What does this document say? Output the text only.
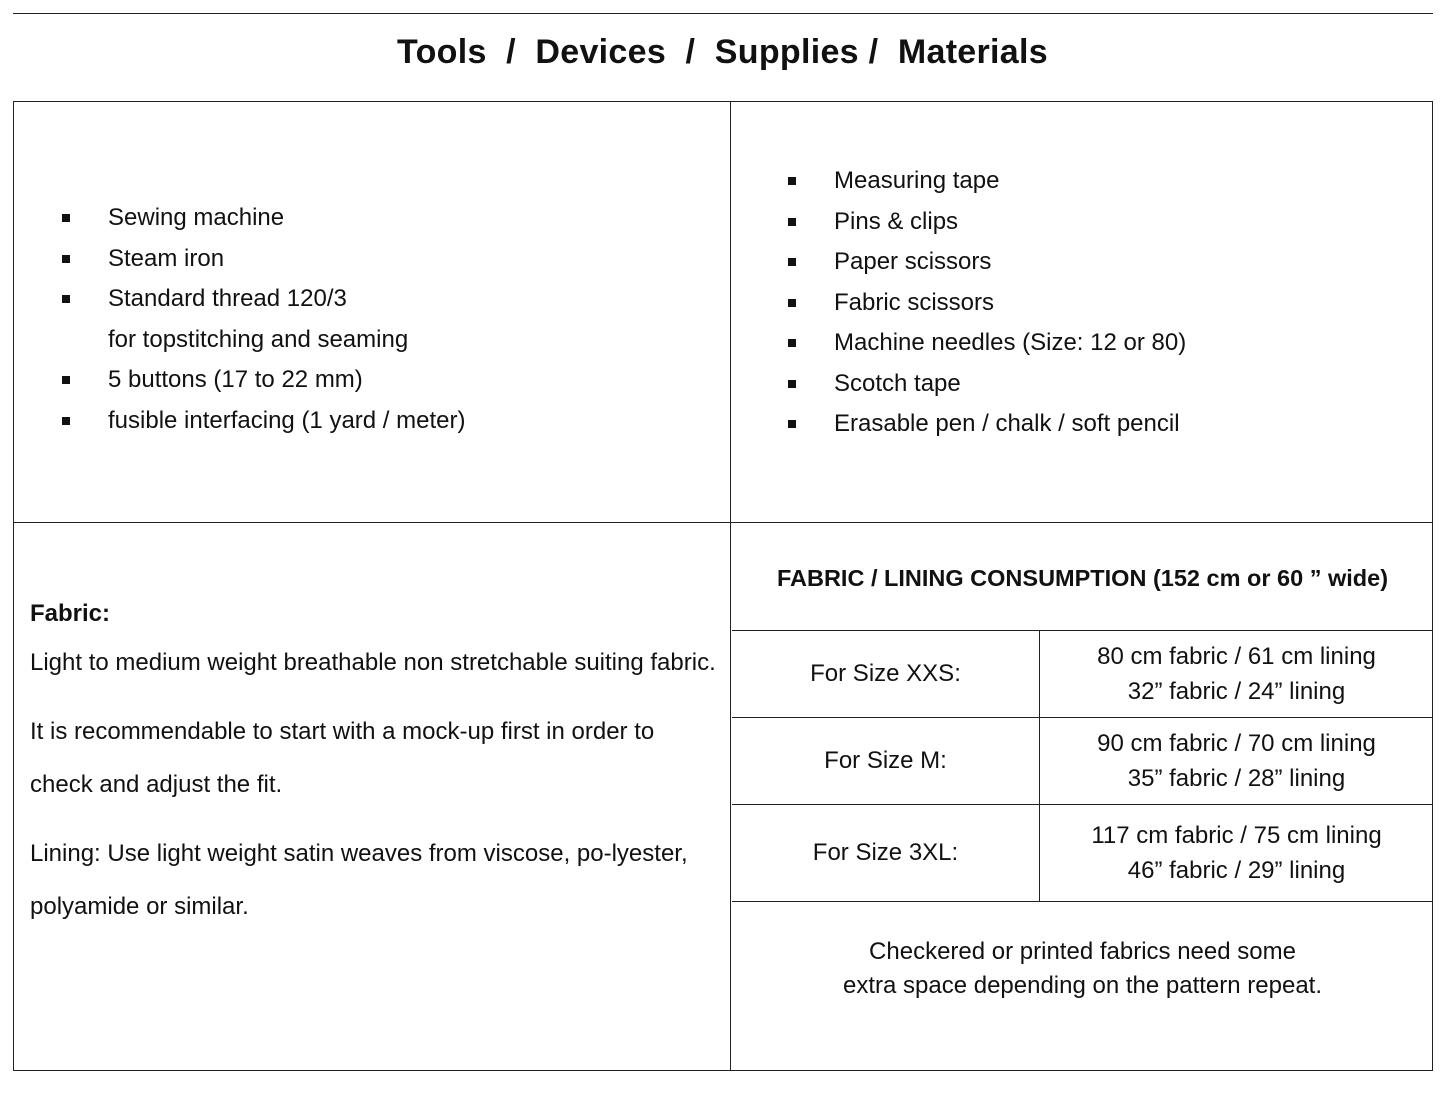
Tools  /  Devices  /  Supplies /  Materials
Sewing machine
Steam iron
Standard thread 120/3
for topstitching and seaming
5 buttons (17 to 22 mm)
fusible interfacing (1 yard / meter)
Measuring tape
Pins & clips
Paper scissors
Fabric scissors
Machine needles (Size: 12 or 80)
Scotch tape
Erasable pen / chalk / soft pencil
Fabric:

Light to medium weight breathable non stretchable suiting fabric.

It is recommendable to start with a mock-up first in order to check and adjust the fit.

Lining: Use light weight satin weaves from viscose, po-lyester, polyamide or similar.

FABRIC / LINING CONSUMPTION (152 cm or 60 ” wide)
For Size XXS:
80 cm fabric / 61 cm lining
32” fabric / 24” lining
For Size M:
90 cm fabric / 70 cm lining
35” fabric / 28” lining
For Size 3XL:
117 cm fabric / 75 cm lining
46” fabric / 29” lining
Checkered or printed fabrics need some
extra space depending on the pattern repeat.
